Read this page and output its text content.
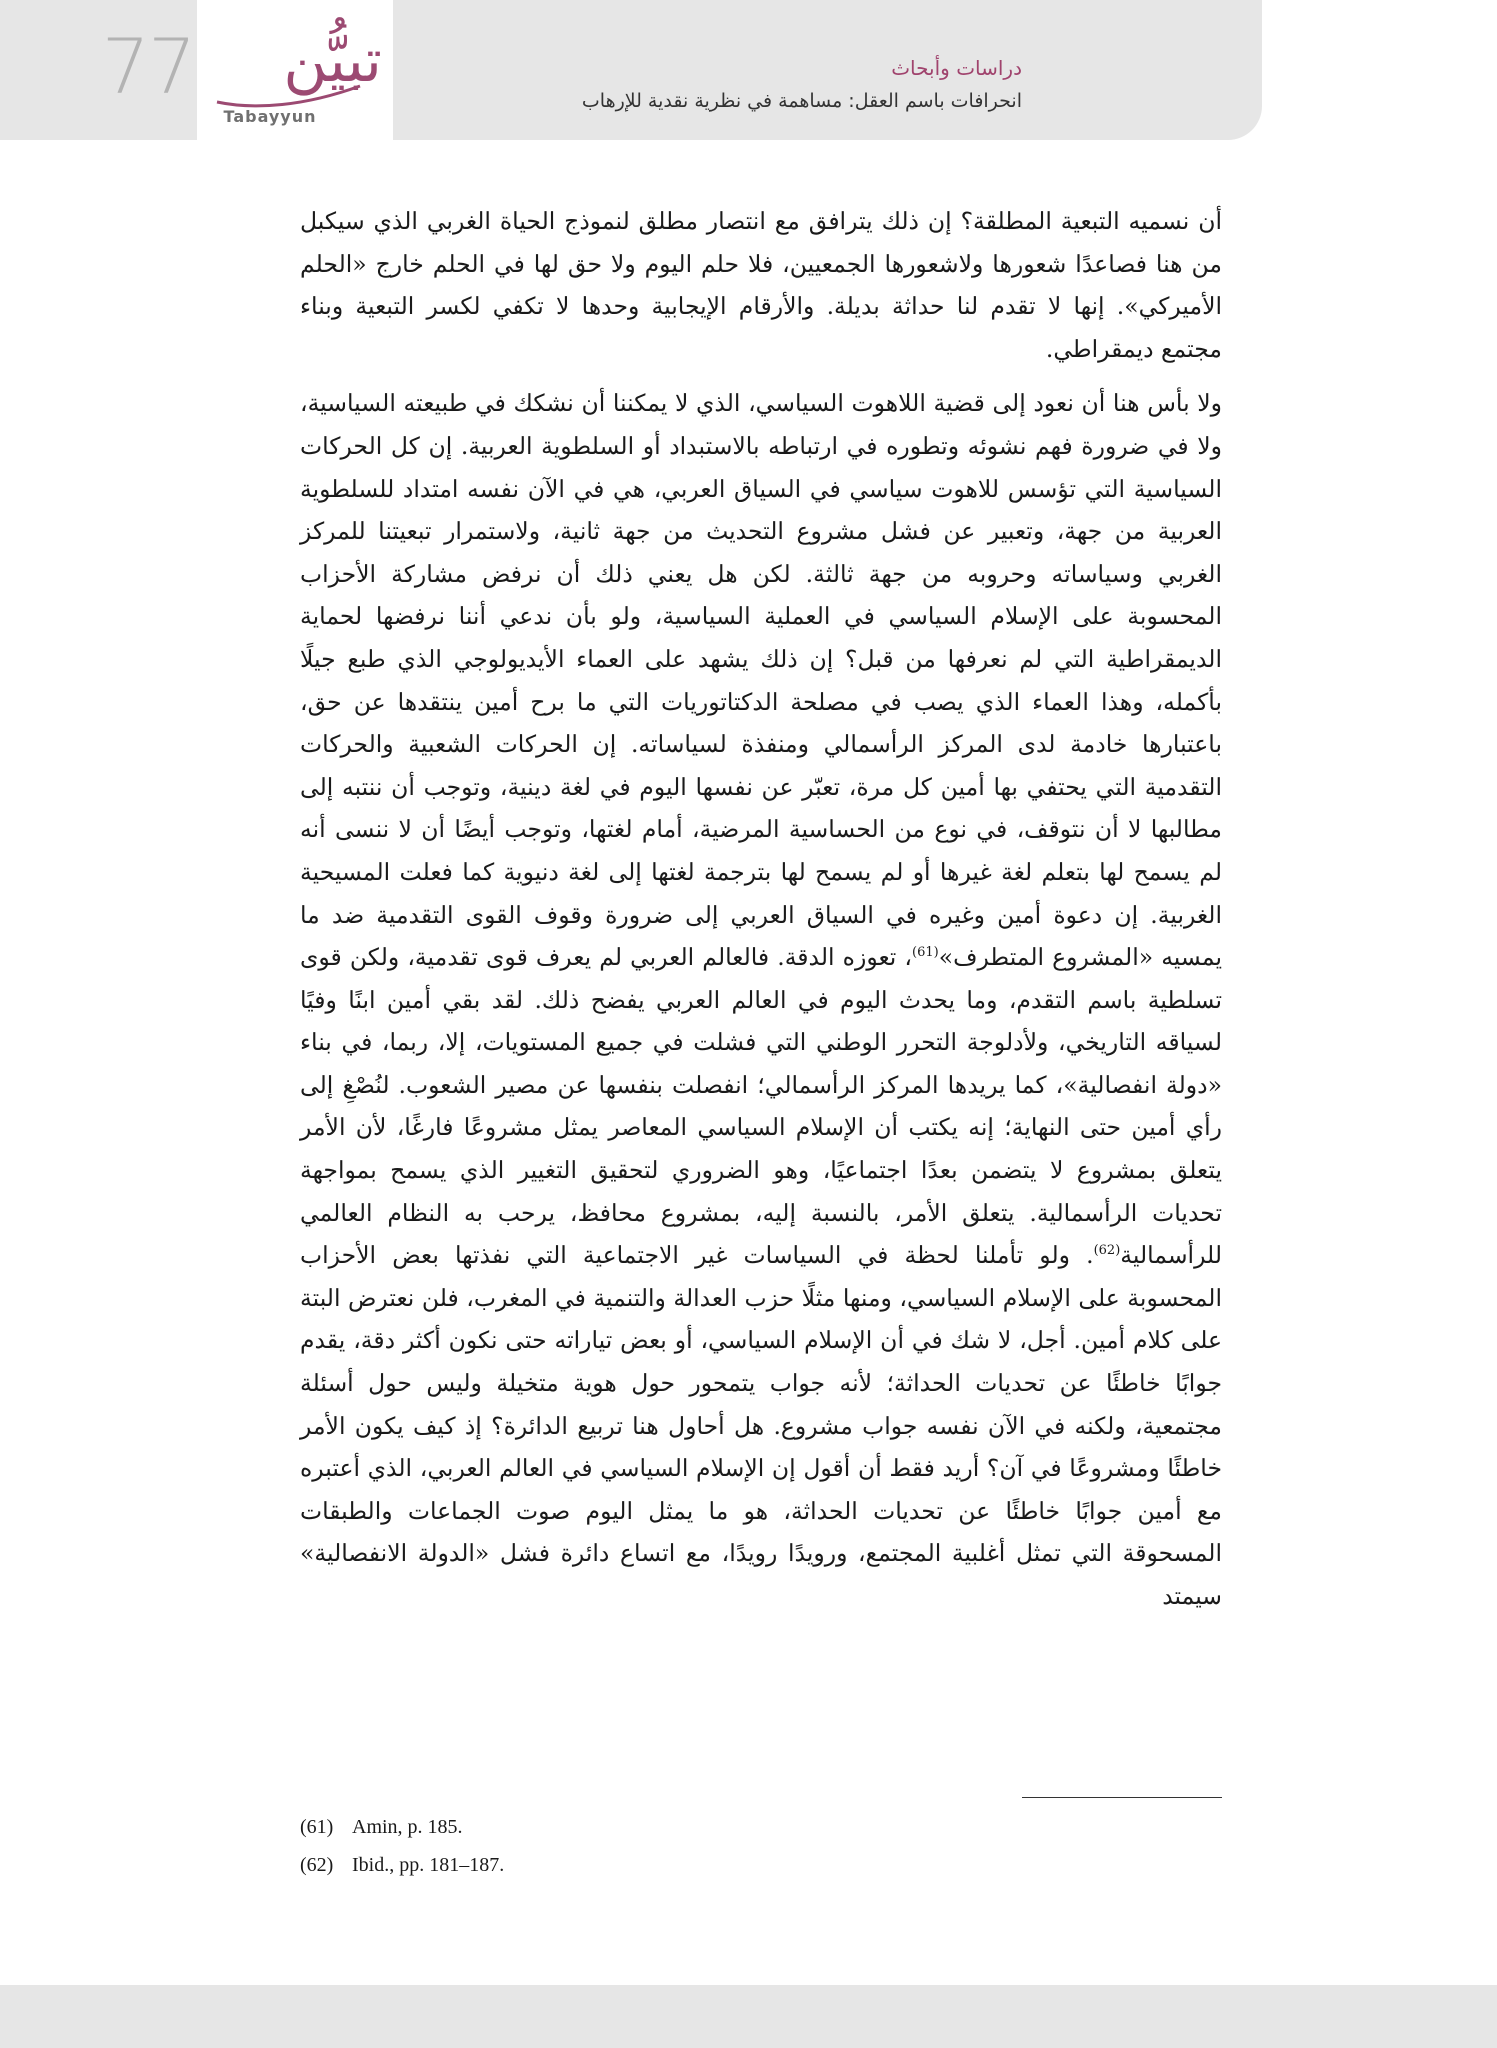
77 تبيُّن
Tabayyun
دراسات وأبحاث
انحرافات باسم العقل: مساهمة في نظرية نقدية للإرهاب

أن نسميه التبعية المطلقة؟ إن ذلك يترافق مع انتصار مطلق لنموذج الحياة الغربي الذي سيكبل من هنا فصاعدًا شعورها ولاشعورها الجمعيين، فلا حلم اليوم ولا حق لها في الحلم خارج «الحلم الأميركي». إنها لا تقدم لنا حداثة بديلة. والأرقام الإيجابية وحدها لا تكفي لكسر التبعية وبناء مجتمع ديمقراطي.

ولا بأس هنا أن نعود إلى قضية اللاهوت السياسي، الذي لا يمكننا أن نشكك في طبيعته السياسية، ولا في ضرورة فهم نشوئه وتطوره في ارتباطه بالاستبداد أو السلطوية العربية. إن كل الحركات السياسية التي تؤسس للاهوت سياسي في السياق العربي، هي في الآن نفسه امتداد للسلطوية العربية من جهة، وتعبير عن فشل مشروع التحديث من جهة ثانية، ولاستمرار تبعيتنا للمركز الغربي وسياساته وحروبه من جهة ثالثة. لكن هل يعني ذلك أن نرفض مشاركة الأحزاب المحسوبة على الإسلام السياسي في العملية السياسية، ولو بأن ندعي أننا نرفضها لحماية الديمقراطية التي لم نعرفها من قبل؟ إن ذلك يشهد على العماء الأيديولوجي الذي طبع جيلًا بأكمله، وهذا العماء الذي يصب في مصلحة الدكتاتوريات التي ما برح أمين ينتقدها عن حق، باعتبارها خادمة لدى المركز الرأسمالي ومنفذة لسياساته. إن الحركات الشعبية والحركات التقدمية التي يحتفي بها أمين كل مرة، تعبّر عن نفسها اليوم في لغة دينية، وتوجب أن ننتبه إلى مطالبها لا أن نتوقف، في نوع من الحساسية المرضية، أمام لغتها، وتوجب أيضًا أن لا ننسى أنه لم يسمح لها بتعلم لغة غيرها أو لم يسمح لها بترجمة لغتها إلى لغة دنيوية كما فعلت المسيحية الغربية. إن دعوة أمين وغيره في السياق العربي إلى ضرورة وقوف القوى التقدمية ضد ما يمسيه «المشروع المتطرف»$^{(61)}$، تعوزه الدقة. فالعالم العربي لم يعرف قوى تقدمية، ولكن قوى تسلطية باسم التقدم، وما يحدث اليوم في العالم العربي يفضح ذلك. لقد بقي أمين ابنًا وفيًا لسياقه التاريخي، ولأدلوجة التحرر الوطني التي فشلت في جميع المستويات، إلا، ربما، في بناء «دولة انفصالية»، كما يريدها المركز الرأسمالي؛ انفصلت بنفسها عن مصير الشعوب. لنُصْغِ إلى رأي أمين حتى النهاية؛ إنه يكتب أن الإسلام السياسي المعاصر يمثل مشروعًا فارغًا، لأن الأمر يتعلق بمشروع لا يتضمن بعدًا اجتماعيًا، وهو الضروري لتحقيق التغيير الذي يسمح بمواجهة تحديات الرأسمالية. يتعلق الأمر، بالنسبة إليه، بمشروع محافظ، يرحب به النظام العالمي للرأسمالية$^{(62)}$. ولو تأملنا لحظة في السياسات غير الاجتماعية التي نفذتها بعض الأحزاب المحسوبة على الإسلام السياسي، ومنها مثلًا حزب العدالة والتنمية في المغرب، فلن نعترض البتة على كلام أمين. أجل، لا شك في أن الإسلام السياسي، أو بعض تياراته حتى نكون أكثر دقة، يقدم جوابًا خاطئًا عن تحديات الحداثة؛ لأنه جواب يتمحور حول هوية متخيلة وليس حول أسئلة مجتمعية، ولكنه في الآن نفسه جواب مشروع. هل أحاول هنا تربيع الدائرة؟ إذ كيف يكون الأمر خاطئًا ومشروعًا في آن؟ أريد فقط أن أقول إن الإسلام السياسي في العالم العربي، الذي أعتبره مع أمين جوابًا خاطئًا عن تحديات الحداثة، هو ما يمثل اليوم صوت الجماعات والطبقات المسحوقة التي تمثل أغلبية المجتمع، ورويدًا رويدًا، مع اتساع دائرة فشل «الدولة الانفصالية» سيمتد

(61) Amin, p. 185.
(62) Ibid., pp. 181–187.
